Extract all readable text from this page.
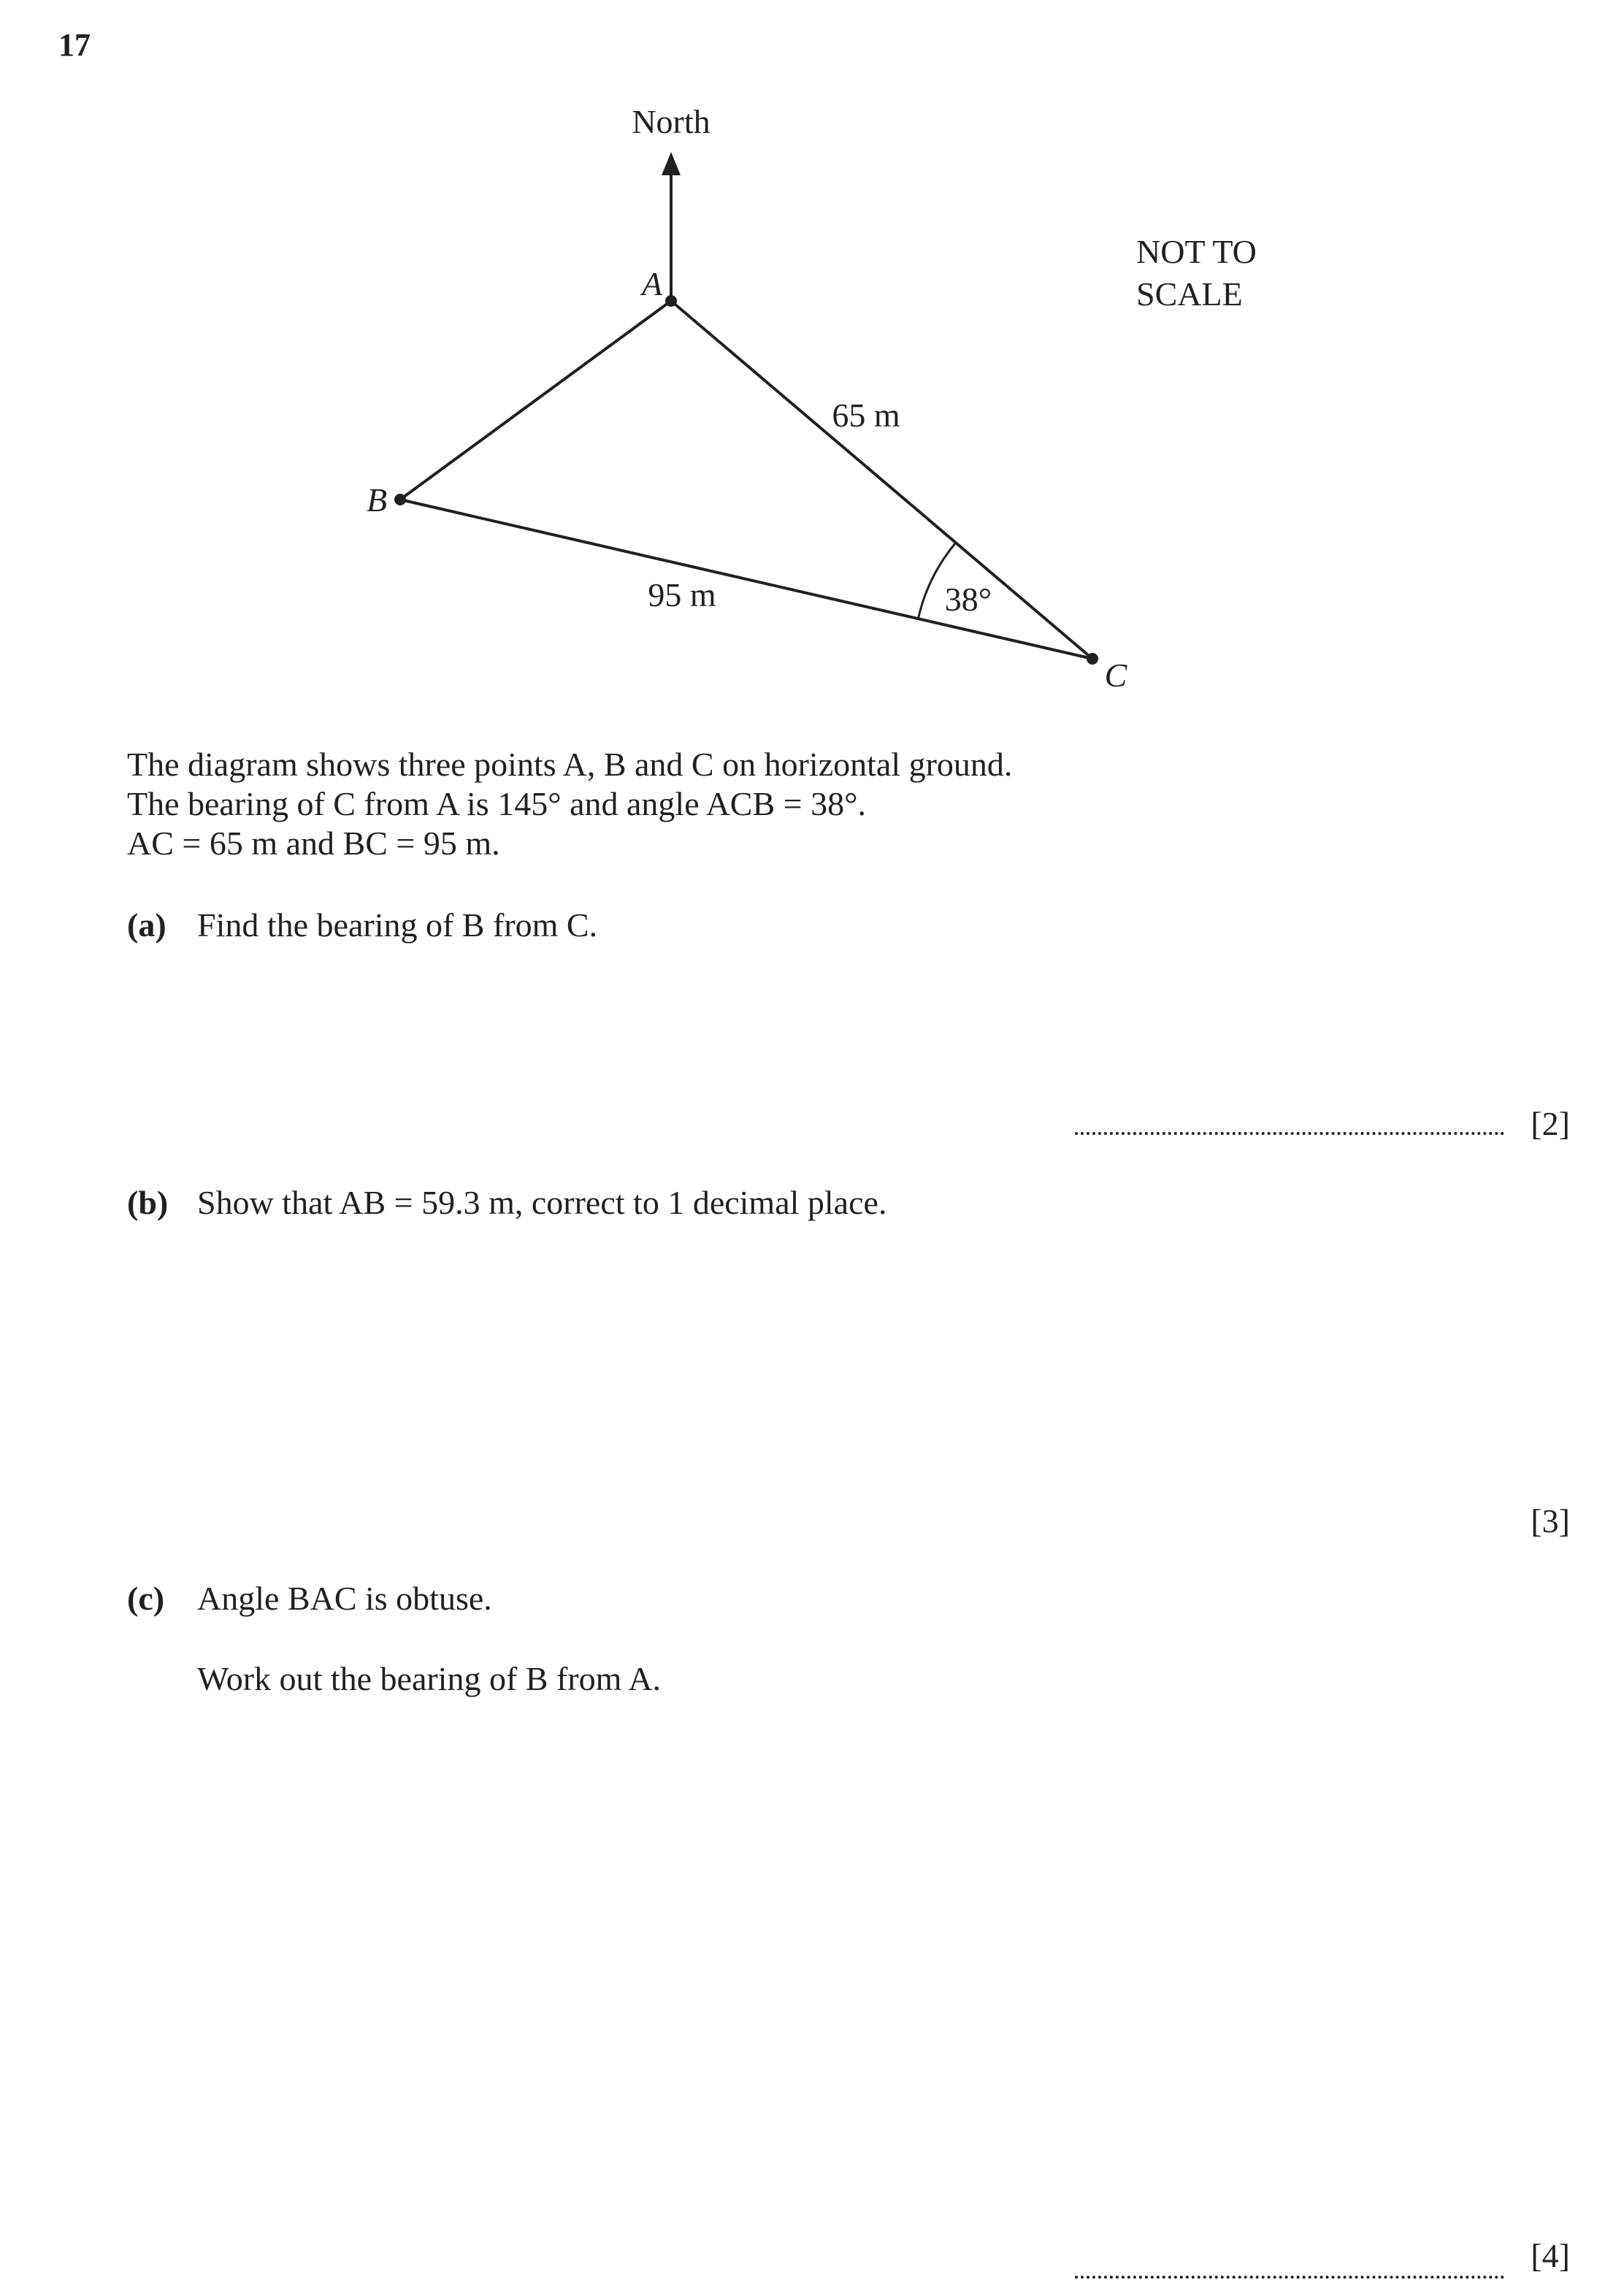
17
North
A
B
C
65 m
95 m	38°
NOT TO
SCALE

The diagram shows three points A, B and C on horizontal ground.

The bearing of C from A is 145° and angle ACB = 38°.

AC = 65 m and BC = 95 m.

(a) Find the bearing of B from C.
[2]
(b) Show that AB = 59.3 m, correct to 1 decimal place.
[3]
(c) Angle BAC is obtuse.
Work out the bearing of B from A.
[4]
